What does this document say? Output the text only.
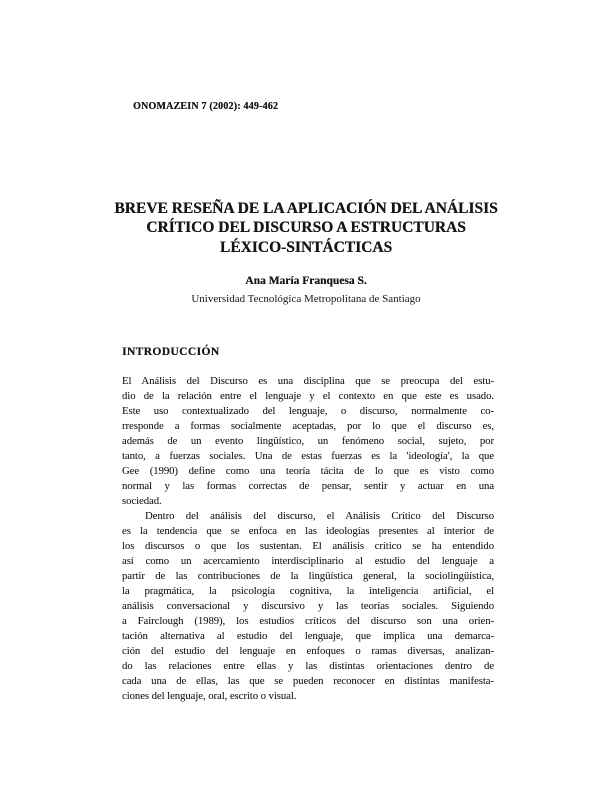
ONOMAZEIN 7 (2002): 449-462
BREVE RESEÑA DE LA APLICACIÓN DEL ANÁLISIS
CRÍTICO DEL DISCURSO A ESTRUCTURAS
LÉXICO-SINTÁCTICAS
Ana María Franquesa S.
Universidad Tecnológica Metropolitana de Santiago
INTRODUCCIÓN
El Análisis del Discurso es una disciplina que se preocupa del estu-
dio de la relación entre el lenguaje y el contexto en que este es usado.
Este uso contextualizado del lenguaje, o discurso, normalmente co-
rresponde a formas socialmente aceptadas, por lo que el discurso es,
además de un evento lingüístico, un fenómeno social, sujeto, por
tanto, a fuerzas sociales. Una de estas fuerzas es la 'ideología', la que
Gee (1990) define como una teoría tácita de lo que es visto como
normal y las formas correctas de pensar, sentir y actuar en una
sociedad.
Dentro del análisis del discurso, el Análisis Crítico del Discurso
es la tendencia que se enfoca en las ideologías presentes al interior de
los discursos o que los sustentan. El análisis crítico se ha entendido
así como un acercamiento interdisciplinario al estudio del lenguaje a
partir de las contribuciones de la lingüística general, la sociolingüística,
la pragmática, la psicología cognitiva, la inteligencia artificial, el
análisis conversacional y discursivo y las teorías sociales. Siguiendo
a Fairclough (1989), los estudios críticos del discurso son una orien-
tación alternativa al estudio del lenguaje, que implica una demarca-
ción del estudio del lenguaje en enfoques o ramas diversas, analizan-
do las relaciones entre ellas y las distintas orientaciones dentro de
cada una de ellas, las que se pueden reconocer en distintas manifesta-
ciones del lenguaje, oral, escrito o visual.
